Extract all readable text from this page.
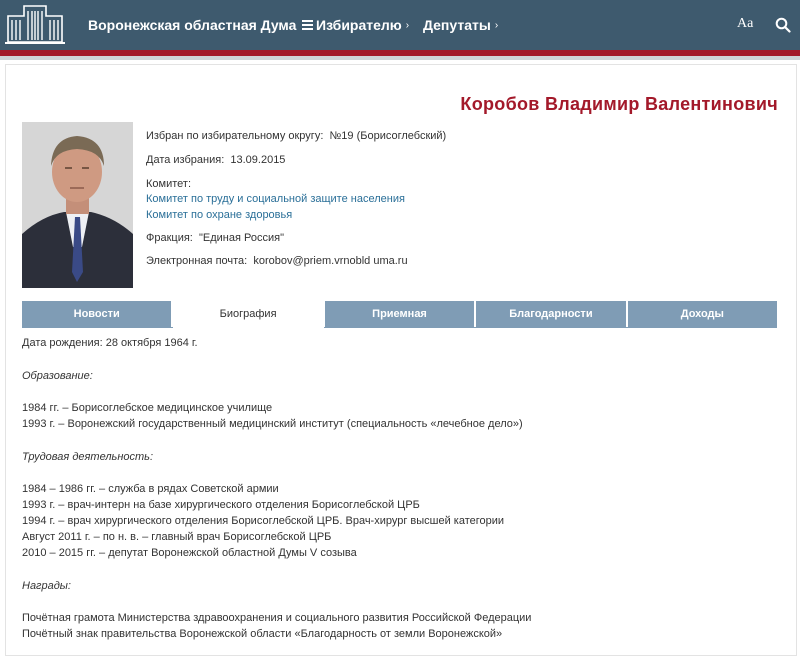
Воронежская областная Дума Избирателю › Депутаты ›	Aa
Коробов Владимир Валентинович
Избран по избирательному округу: №19 (Борисоглебский)
Дата избрания: 13.09.2015
Комитет:
Комитет по труду и социальной защите населения
Комитет по охране здоровья
Фракция: "Единая Россия"
Электронная почта: korobov@priem.vrnobld uma.ru
Новости	Биография	Приемная	Благодарности	Доходы
Дата рождения: 28 октября 1964 г.
Образование:
1984 гг. – Борисоглебское медицинское училище
1993 г. – Воронежский государственный медицинский институт (специальность «лечебное дело»)
Трудовая деятельность:
1984 – 1986 гг. – служба в рядах Советской армии
1993 г. – врач-интерн на базе хирургического отделения Борисоглебской ЦРБ
1994 г. – врач хирургического отделения Борисоглебской ЦРБ. Врач-хирург высшей категории
Август 2011 г. – по н. в. – главный врач Борисоглебской ЦРБ
2010 – 2015 гг. – депутат Воронежской областной Думы V созыва
Награды:
Почётная грамота Министерства здравоохранения и социального развития Российской Федерации
Почётный знак правительства Воронежской области «Благодарность от земли Воронежской»
